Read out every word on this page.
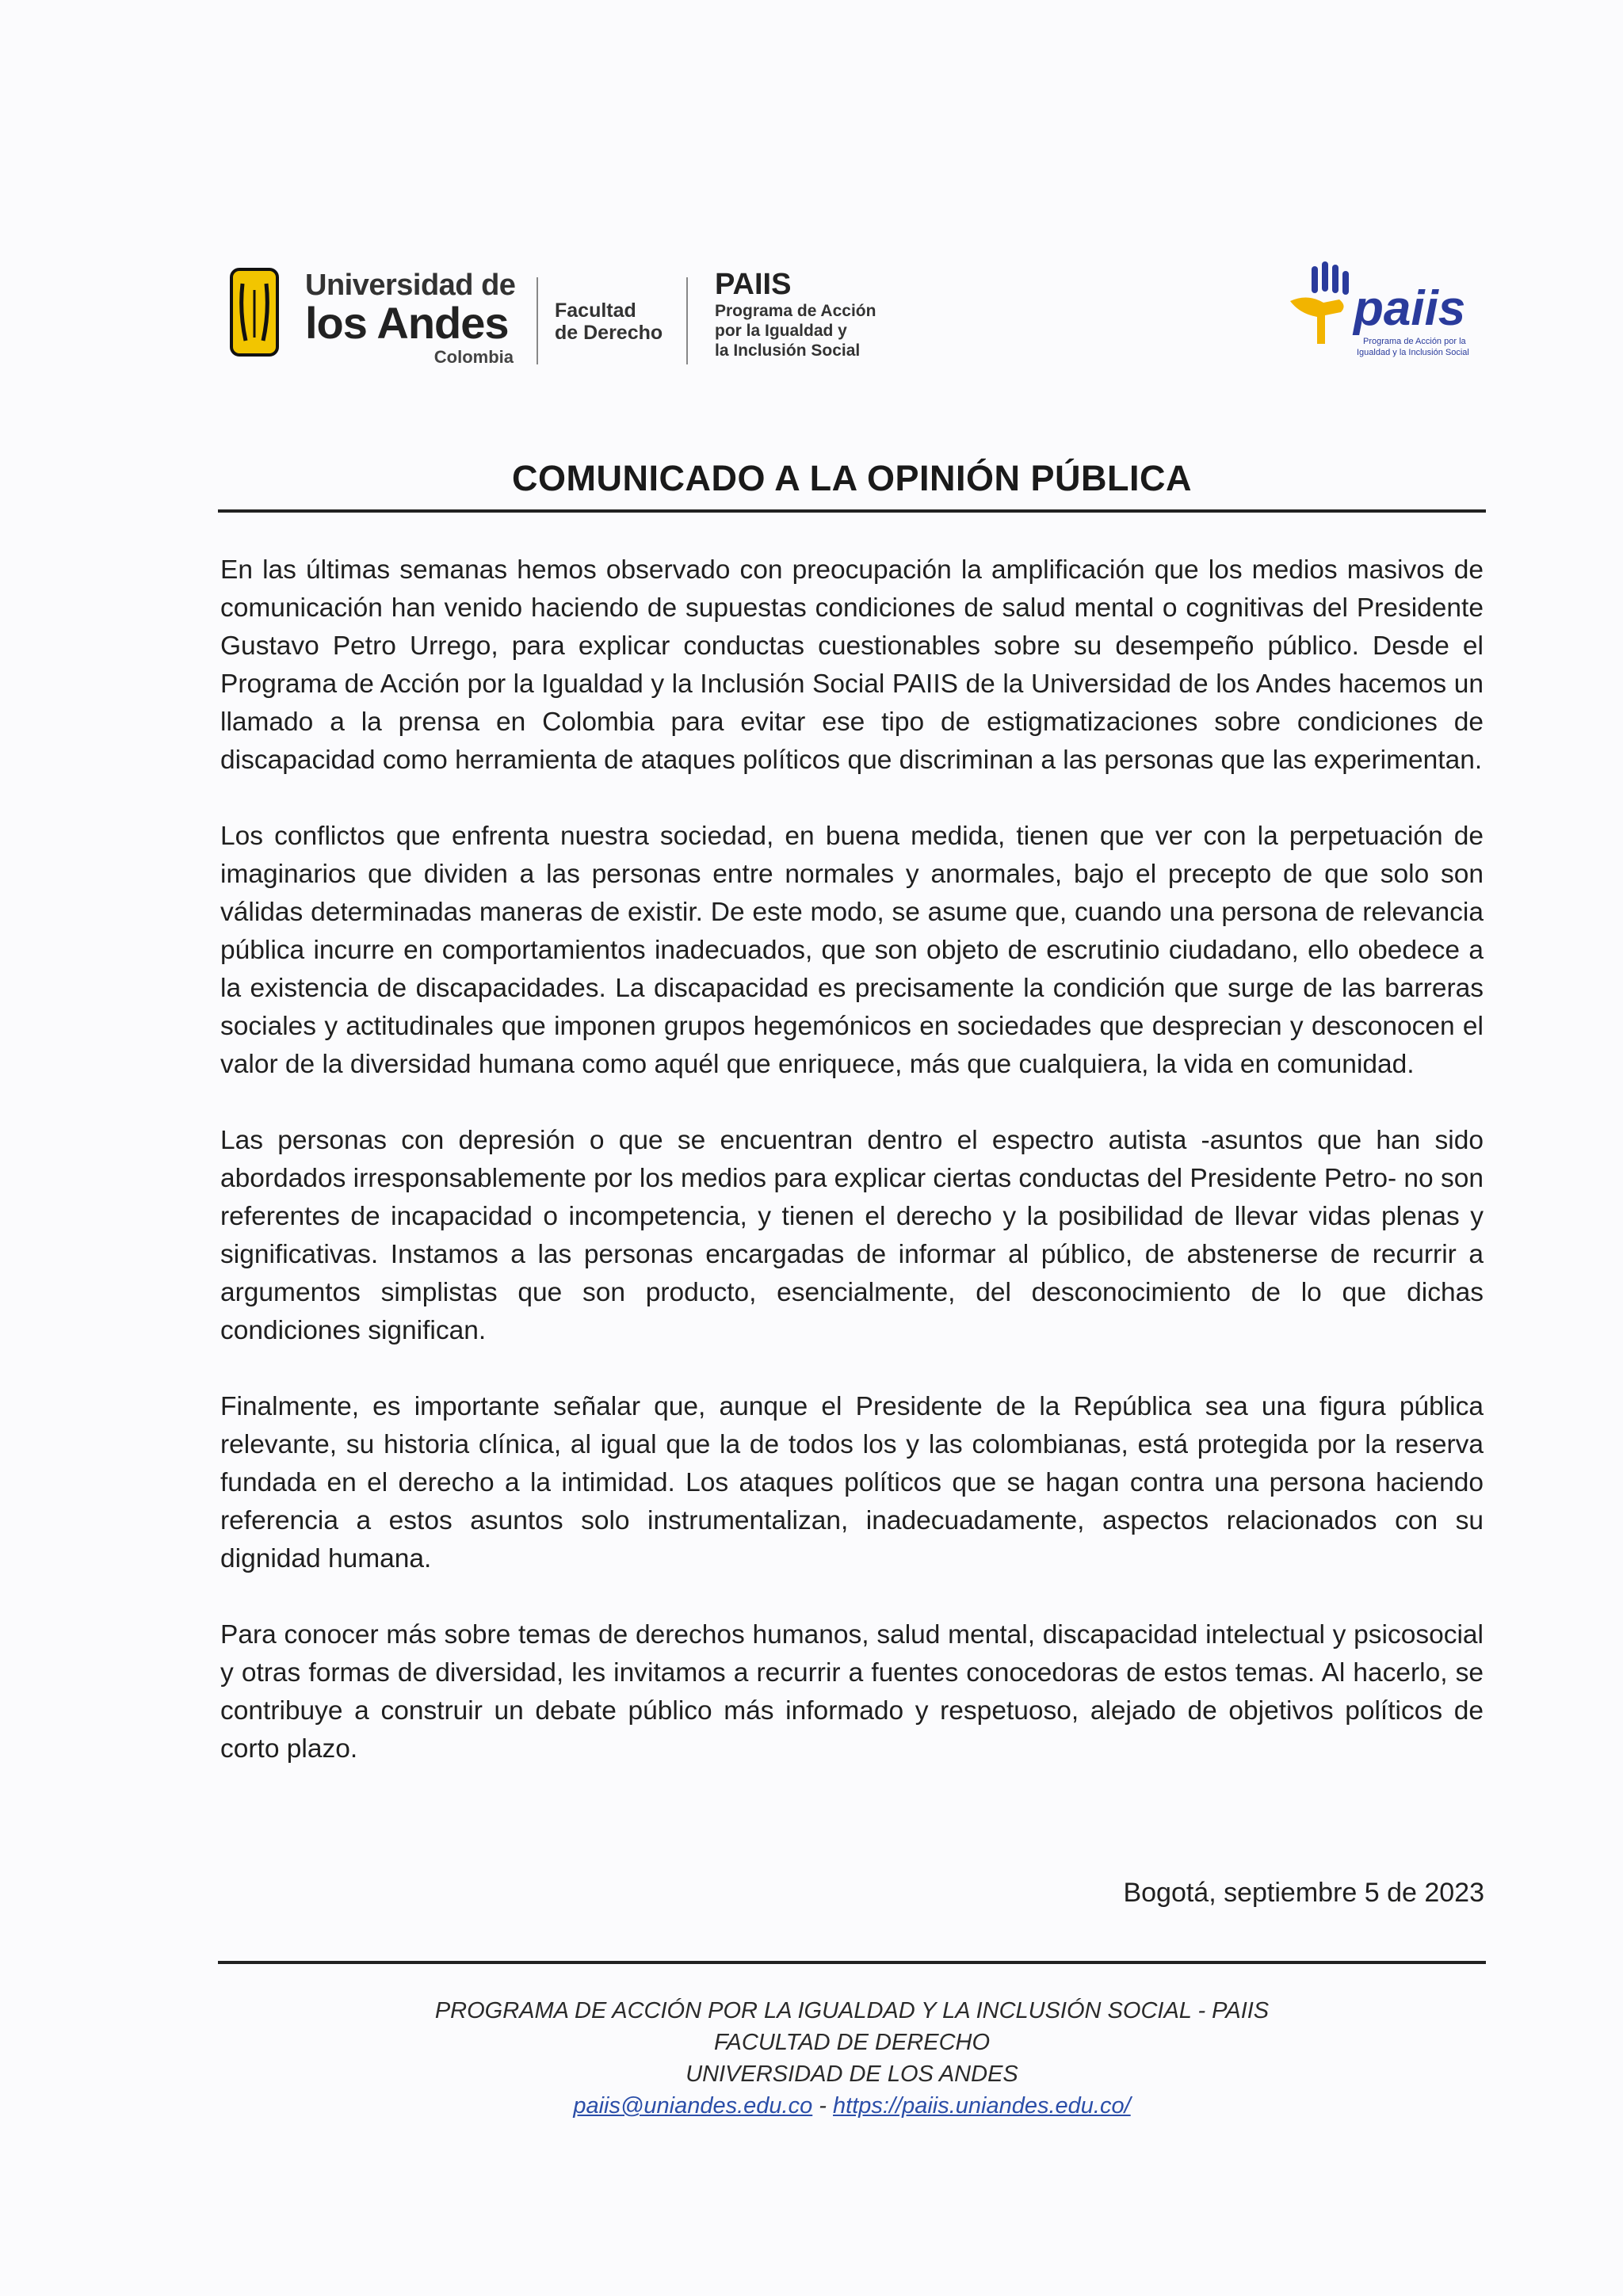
Universidad de
los Andes
Colombia
Facultad
de Derecho
PAIIS
Programa de Acción
por la Igualdad y
la Inclusión Social
paiis
Programa de Acción por la
Igualdad y la Inclusión Social
COMUNICADO A LA OPINIÓN PÚBLICA

En las últimas semanas hemos observado con preocupación la amplificación que los medios masivos de comunicación han venido haciendo de supuestas condiciones de salud mental o cognitivas del Presidente Gustavo Petro Urrego, para explicar conductas cuestionables sobre su desempeño público. Desde el Programa de Acción por la Igualdad y la Inclusión Social PAIIS de la Universidad de los Andes hacemos un llamado a la prensa en Colombia para evitar ese tipo de estigmatizaciones sobre condiciones de discapacidad como herramienta de ataques políticos que discriminan a las personas que las experimentan.

Los conflictos que enfrenta nuestra sociedad, en buena medida, tienen que ver con la perpetuación de imaginarios que dividen a las personas entre normales y anormales, bajo el precepto de que solo son válidas determinadas maneras de existir. De este modo, se asume que, cuando una persona de relevancia pública incurre en comportamientos inadecuados, que son objeto de escrutinio ciudadano, ello obedece a la existencia de discapacidades. La discapacidad es precisamente la condición que surge de las barreras sociales y actitudinales que imponen grupos hegemónicos en sociedades que desprecian y desconocen el valor de la diversidad humana como aquél que enriquece, más que cualquiera, la vida en comunidad.

Las personas con depresión o que se encuentran dentro el espectro autista -asuntos que han sido abordados irresponsablemente por los medios para explicar ciertas conductas del Presidente Petro- no son referentes de incapacidad o incompetencia, y tienen el derecho y la posibilidad de llevar vidas plenas y significativas. Instamos a las personas encargadas de informar al público, de abstenerse de recurrir a argumentos simplistas que son producto, esencialmente, del desconocimiento de lo que dichas condiciones significan.

Finalmente, es importante señalar que, aunque el Presidente de la República sea una figura pública relevante, su historia clínica, al igual que la de todos los y las colombianas, está protegida por la reserva fundada en el derecho a la intimidad. Los ataques políticos que se hagan contra una persona haciendo referencia a estos asuntos solo instrumentalizan, inadecuadamente, aspectos relacionados con su dignidad humana.

Para conocer más sobre temas de derechos humanos, salud mental, discapacidad intelectual y psicosocial y otras formas de diversidad, les invitamos a recurrir a fuentes conocedoras de estos temas. Al hacerlo, se contribuye a construir un debate público más informado y respetuoso, alejado de objetivos políticos de corto plazo.

Bogotá, septiembre 5 de 2023
PROGRAMA DE ACCIÓN POR LA IGUALDAD Y LA INCLUSIÓN SOCIAL - PAIIS
FACULTAD DE DERECHO
UNIVERSIDAD DE LOS ANDES
paiis@uniandes.edu.co - https://paiis.uniandes.edu.co/
